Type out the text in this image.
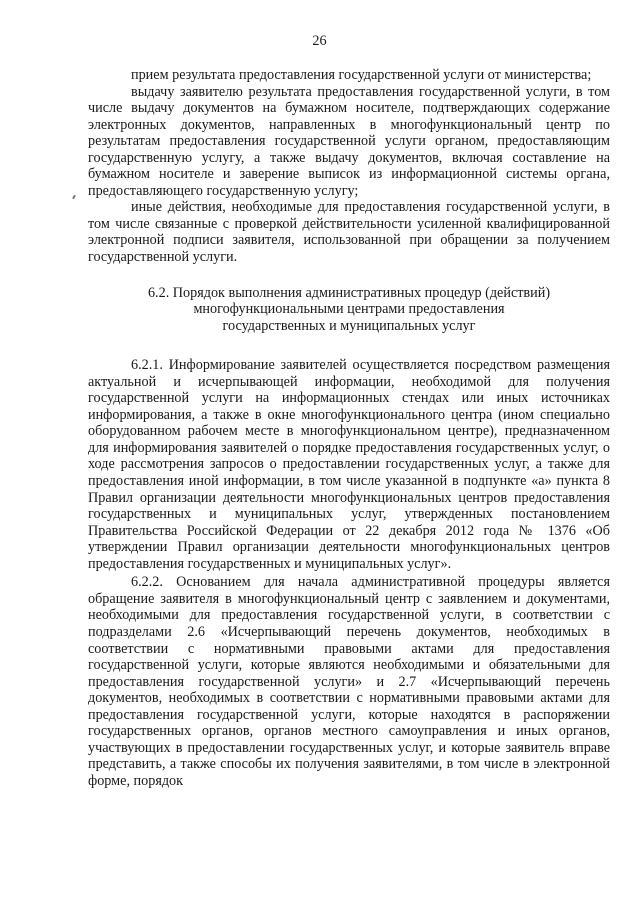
26

прием результата предоставления государственной услуги от министерства;

выдачу заявителю результата предоставления государственной услуги, в том числе выдачу документов на бумажном носителе, подтверждающих содержание электронных документов, направленных в многофункциональный центр по результатам предоставления государственной услуги органом, предоставляющим государственную услугу, а также выдачу документов, включая составление на бумажном носителе и заверение выписок из информационной системы органа, предоставляющего государственную услугу;

иные действия, необходимые для предоставления государственной услуги, в том числе связанные с проверкой действительности усиленной квалифицированной электронной подписи заявителя, использованной при обращении за получением государственной услуги.

6.2. Порядок выполнения административных процедур (действий)
многофункциональными центрами предоставления
государственных и муниципальных услуг

6.2.1. Информирование заявителей осуществляется посредством размещения актуальной и исчерпывающей информации, необходимой для получения государственной услуги на информационных стендах или иных источниках информирования, а также в окне многофункционального центра (ином специально оборудованном рабочем месте в многофункциональном центре), предназначенном для информирования заявителей о порядке предоставления государственных услуг, о ходе рассмотрения запросов о предоставлении государственных услуг, а также для предоставления иной информации, в том числе указанной в подпункте «а» пункта 8 Правил организации деятельности многофункциональных центров предоставления государственных и муниципальных услуг, утвержденных постановлением Правительства Российской Федерации от 22 декабря 2012 года № 1376 «Об утверждении Правил организации деятельности многофункциональных центров предоставления государственных и муниципальных услуг».

6.2.2. Основанием для начала административной процедуры является обращение заявителя в многофункциональный центр с заявлением и документами, необходимыми для предоставления государственной услуги, в соответствии с подразделами 2.6 «Исчерпывающий перечень документов, необходимых в соответствии с нормативными правовыми актами для предоставления государственной услуги, которые являются необходимыми и обязательными для предоставления государственной услуги» и 2.7 «Исчерпывающий перечень документов, необходимых в соответствии с нормативными правовыми актами для предоставления государственной услуги, которые находятся в распоряжении государственных органов, органов местного самоуправления и иных органов, участвующих в предоставлении государственных услуг, и которые заявитель вправе представить, а также способы их получения заявителями, в том числе в электронной форме, порядок
